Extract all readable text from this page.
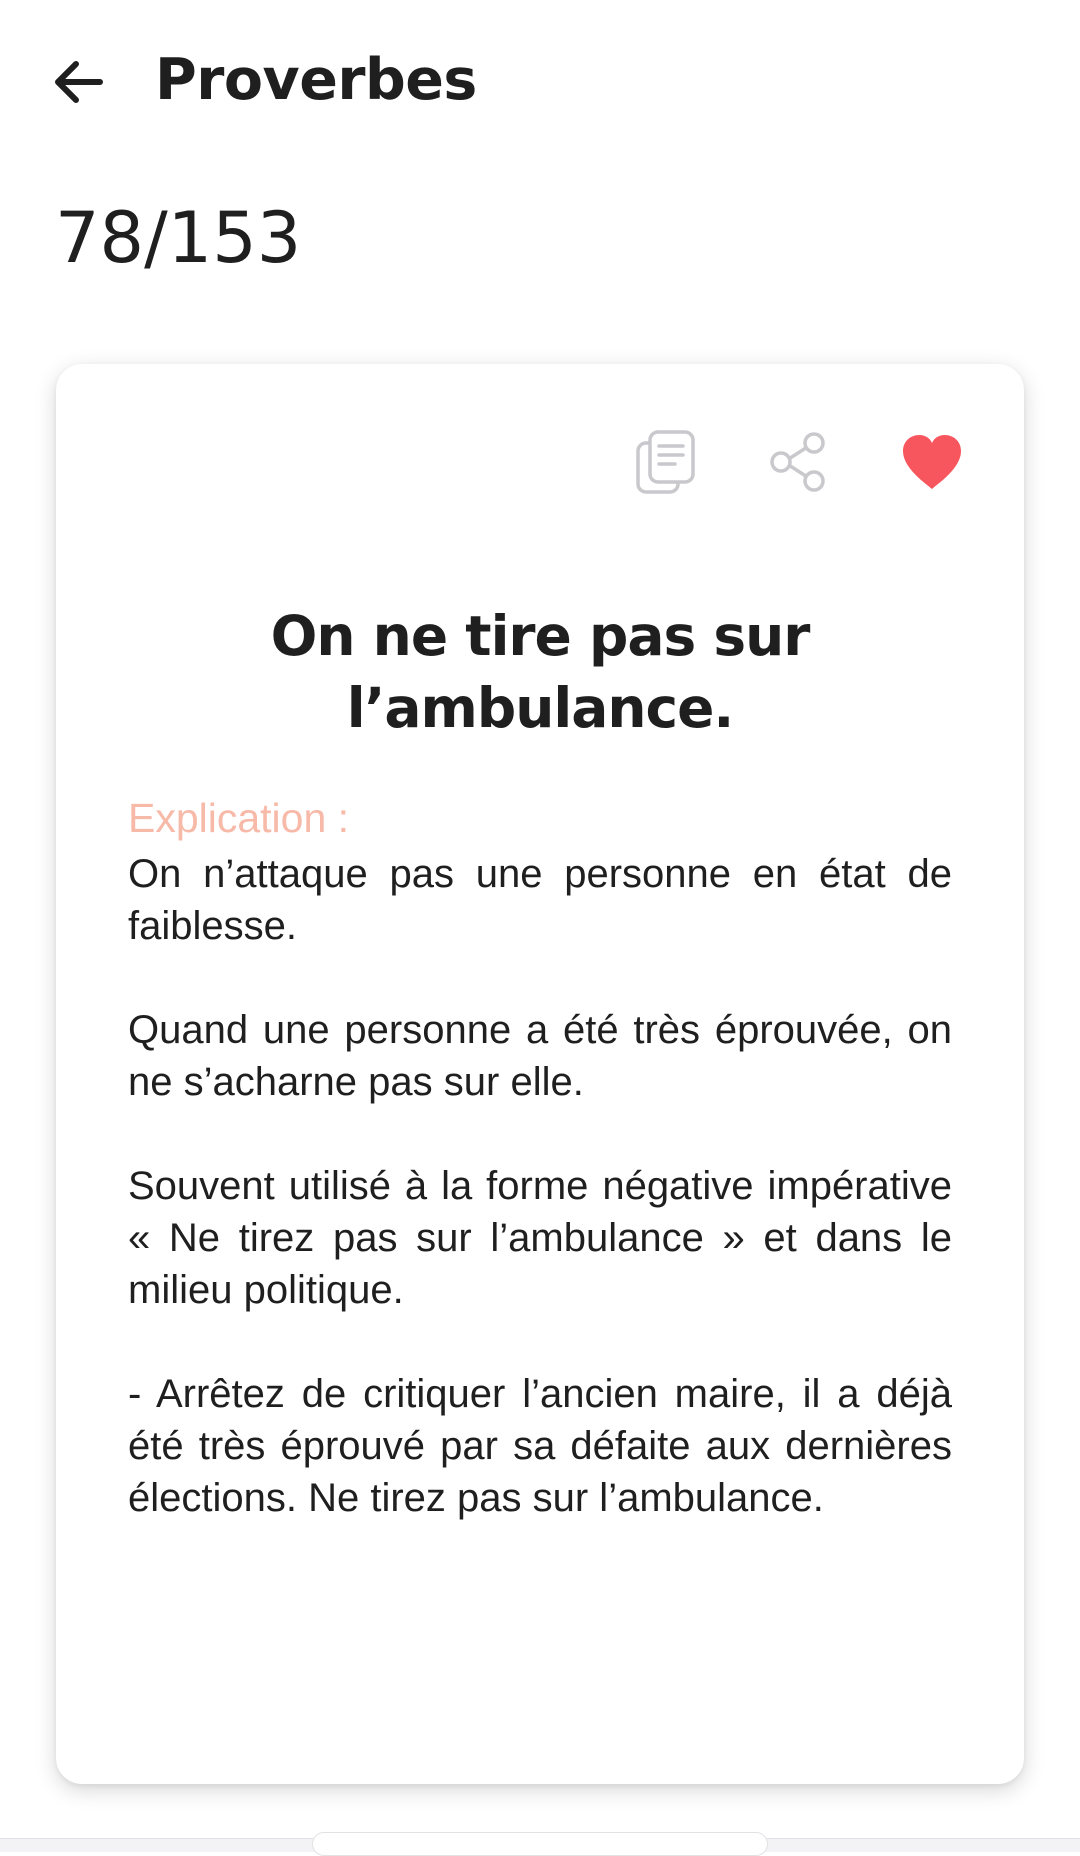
Proverbes
78/153
On ne tire pas sur l’ambulance.
Explication :

On n’attaque pas une personne en état de faiblesse.

Quand une personne a été très éprouvée, on ne s’acharne pas sur elle.

Souvent utilisé à la forme négative impérative « Ne tirez pas sur l’ambulance » et dans le milieu politique.

- Arrêtez de critiquer l’ancien maire, il a déjà été très éprouvé par sa défaite aux dernières élections. Ne tirez pas sur l’ambulance.
